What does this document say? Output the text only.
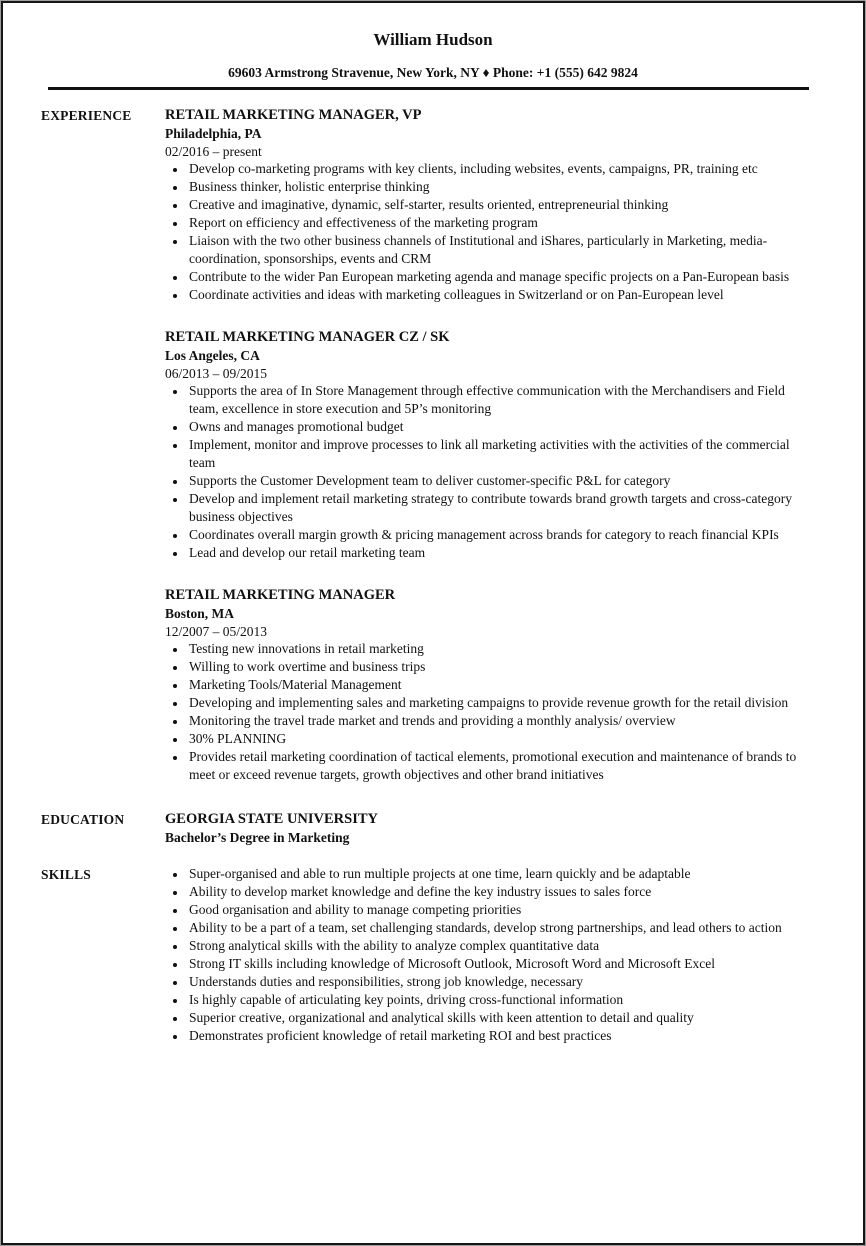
William Hudson

69603 Armstrong Stravenue, New York, NY ♦ Phone: +1 (555) 642 9824

EXPERIENCE	RETAIL MARKETING MANAGER, VP
Philadelphia, PA
02/2016 – present
• Develop co-marketing programs with key clients, including websites, events, campaigns, PR, training etc
• Business thinker, holistic enterprise thinking
• Creative and imaginative, dynamic, self-starter, results oriented, entrepreneurial thinking
• Report on efficiency and effectiveness of the marketing program
• Liaison with the two other business channels of Institutional and iShares, particularly in Marketing, media-coordination, sponsorships, events and CRM
• Contribute to the wider Pan European marketing agenda and manage specific projects on a Pan-European basis
• Coordinate activities and ideas with marketing colleagues in Switzerland or on Pan-European level
RETAIL MARKETING MANAGER CZ / SK
Los Angeles, CA
06/2013 – 09/2015
• Supports the area of In Store Management through effective communication with the Merchandisers and Field team, excellence in store execution and 5P’s monitoring
• Owns and manages promotional budget
• Implement, monitor and improve processes to link all marketing activities with the activities of the commercial team
• Supports the Customer Development team to deliver customer-specific P&L for category
• Develop and implement retail marketing strategy to contribute towards brand growth targets and cross-category business objectives
• Coordinates overall margin growth & pricing management across brands for category to reach financial KPIs
• Lead and develop our retail marketing team
RETAIL MARKETING MANAGER
Boston, MA
12/2007 – 05/2013
• Testing new innovations in retail marketing
• Willing to work overtime and business trips
• Marketing Tools/Material Management
• Developing and implementing sales and marketing campaigns to provide revenue growth for the retail division
• Monitoring the travel trade market and trends and providing a monthly analysis/ overview
• 30% PLANNING
• Provides retail marketing coordination of tactical elements, promotional execution and maintenance of brands to meet or exceed revenue targets, growth objectives and other brand initiatives
EDUCATION	GEORGIA STATE UNIVERSITY
Bachelor’s Degree in Marketing
SKILLS	• Super-organised and able to run multiple projects at one time, learn quickly and be adaptable
• Ability to develop market knowledge and define the key industry issues to sales force
• Good organisation and ability to manage competing priorities
• Ability to be a part of a team, set challenging standards, develop strong partnerships, and lead others to action
• Strong analytical skills with the ability to analyze complex quantitative data
• Strong IT skills including knowledge of Microsoft Outlook, Microsoft Word and Microsoft Excel
• Understands duties and responsibilities, strong job knowledge, necessary
• Is highly capable of articulating key points, driving cross-functional information
• Superior creative, organizational and analytical skills with keen attention to detail and quality
• Demonstrates proficient knowledge of retail marketing ROI and best practices
